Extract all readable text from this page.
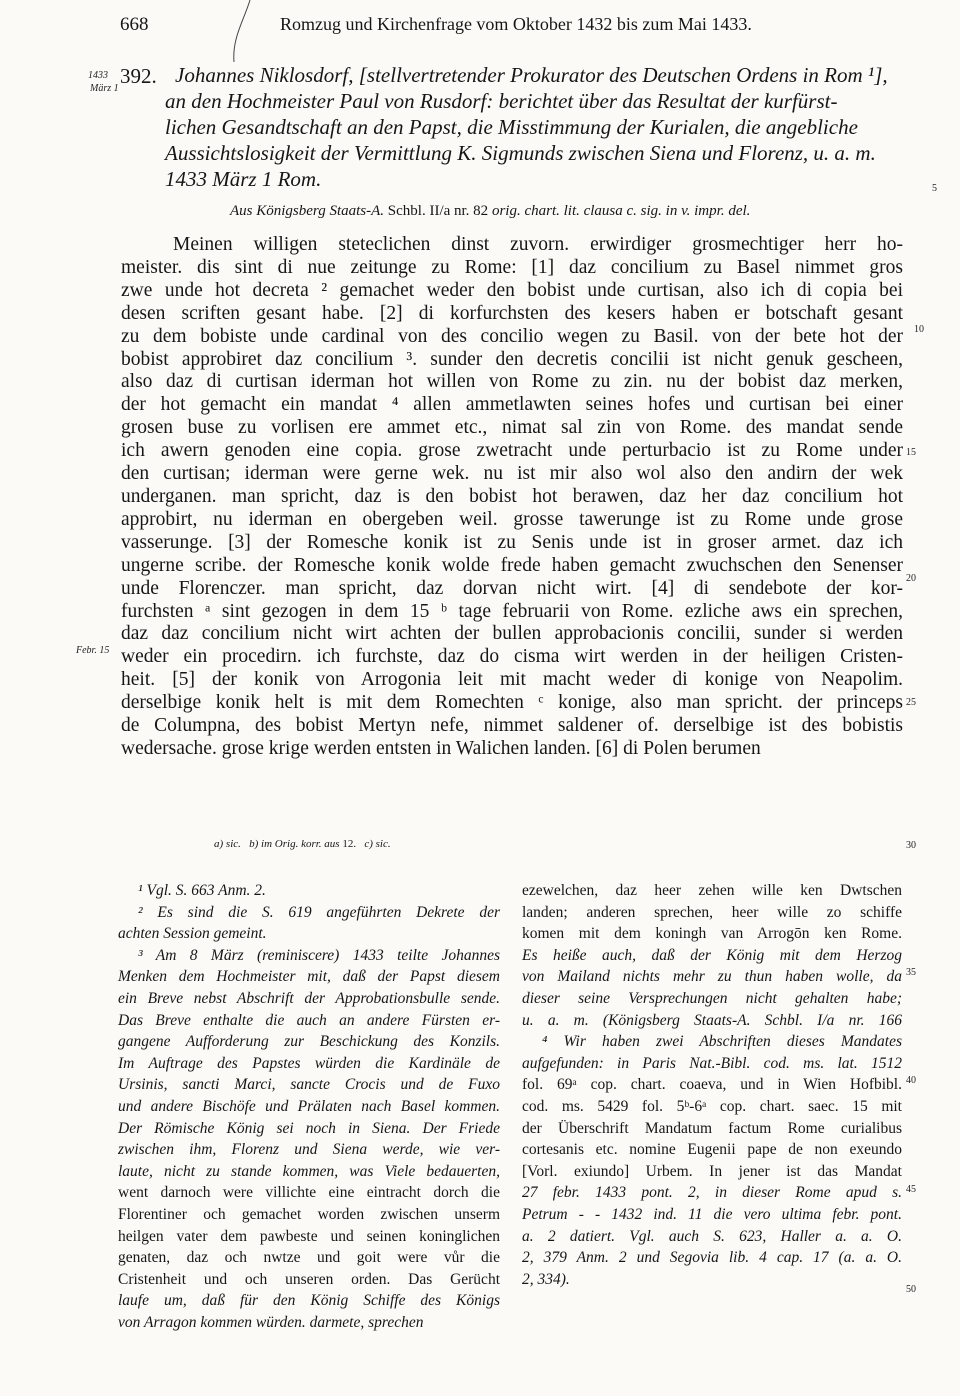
668	Romzug und Kirchenfrage vom Oktober 1432 bis zum Mai 1433.
1433
März 1
392. Johannes Niklosdorf, [stellvertretender Prokurator des Deutschen Ordens in Rom ¹],
an den Hochmeister Paul von Rusdorf: berichtet über das Resultat der kurfürst-
lichen Gesandtschaft an den Papst, die Misstimmung der Kurialen, die angebliche
Aussichtslosigkeit der Vermittlung K. Sigmunds zwischen Siena und Florenz, u. a. m.
1433 März 1 Rom.
Aus Königsberg Staats-A. Schbl. II/a nr. 82 orig. chart. lit. clausa c. sig. in v. impr. del.
Meinen willigen steteclichen dinst zuvorn. erwirdiger grosmechtiger herr ho-
meister. dis sint di nue zeitunge zu Rome: [1] daz concilium zu Basel nimmet gros
zwe unde hot decreta ² gemachet weder den bobist unde curtisan, also ich di copia bei
desen scriften gesant habe. [2] di korfurchsten des kesers haben er botschaft gesant
zu dem bobiste unde cardinal von des concilio wegen zu Basil. von der bete hot der
bobist approbiret daz concilium ³. sunder den decretis concilii ist nicht genuk gescheen,
also daz di curtisan iderman hot willen von Rome zu zin. nu der bobist daz merken,
der hot gemacht ein mandat ⁴ allen ammetlawten seines hofes und curtisan bei einer
grosen buse zu vorlisen ere ammet etc., nimat sal zin von Rome. des mandat sende
ich awern genoden eine copia. grose zwetracht unde perturbacio ist zu Rome under
den curtisan; iderman were gerne wek. nu ist mir also wol also den andirn der wek
underganen. man spricht, daz is den bobist hot berawen, daz her daz concilium hot
approbirt, nu iderman en obergeben weil. grosse tawerunge ist zu Rome unde grose
vasserunge. [3] der Romesche konik ist zu Senis unde ist in groser armet. daz ich
ungerne scribe. der Romesche konik wolde frede haben gemacht zwuchschen den Senenser
unde Florenczer. man spricht, daz dorvan nicht wirt. [4] di sendebote der kor-
furchsten ᵃ sint gezogen in dem 15 ᵇ tage februarii von Rome. ezliche aws ein sprechen,
daz daz concilium nicht wirt achten der bullen approbacionis concilii, sunder si werden
weder ein procedirn. ich furchste, daz do cisma wirt werden in der heiligen Cristen-
heit. [5] der konik von Arrogonia leit mit macht weder di konige von Neapolim.
derselbige konik helt is mit dem Romechten ᶜ konige, also man spricht. der princeps
de Columpna, des bobist Mertyn nefe, nimmet saldener of. derselbige ist des bobistis
wedersache. grose krige werden entsten in Walichen landen. [6] di Polen berumen
Febr. 15
5
10
15
20
25
30
35
40
45
50
a) sic. b) im Orig. korr. aus 12. c) sic.
¹ Vgl. S. 663 Anm. 2.
² Es sind die S. 619 angeführten Dekrete der
achten Session gemeint.
³ Am 8 März (reminiscere) 1433 teilte Johannes
Menken dem Hochmeister mit, daß der Papst diesem
ein Breve nebst Abschrift der Approbationsbulle sende.
Das Breve enthalte die auch an andere Fürsten er-
gangene Aufforderung zur Beschickung des Konzils.
Im Auftrage des Papstes würden die Kardinäle de
Ursinis, sancti Marci, sancte Crocis und de Fuxo
und andere Bischöfe und Prälaten nach Basel kommen.
Der Römische König sei noch in Siena. Der Friede
zwischen ihm, Florenz und Siena werde, wie ver-
laute, nicht zu stande kommen, was Viele bedauerten,
went darnoch were villichte eine eintracht dorch die
Florentiner och gemachet worden zwischen unserm
heilgen vater dem pawbeste und seinen koninglichen
genaten, daz och nwtze und goit were vůr die
Cristenheit und och unseren orden. Das Gerücht
laufe um, daß für den König Schiffe des Königs
von Arragon kommen würden. darmete, sprechen
ezewelchen, daz heer zehen wille ken Dwtschen
landen; anderen sprechen, heer wille zo schiffe
komen mit dem koningh van Arrogōn ken Rome.
Es heiße auch, daß der König mit dem Herzog
von Mailand nichts mehr zu thun haben wolle, da
dieser seine Versprechungen nicht gehalten habe;
u. a. m. (Königsberg Staats-A. Schbl. I/a nr. 166
⁴ Wir haben zwei Abschriften dieses Mandates
aufgefunden: in Paris Nat.-Bibl. cod. ms. lat. 1512
fol. 69ᵃ cop. chart. coaeva, und in Wien Hofbibl.
cod. ms. 5429 fol. 5ᵇ-6ᵃ cop. chart. saec. 15 mit
der Überschrift Mandatum factum Rome curialibus
cortesanis etc. nomine Eugenii pape de non exeundo
[Vorl. exiundo] Urbem. In jener ist das Mandat
27 febr. 1433 pont. 2, in dieser Rome apud s.
Petrum - - 1432 ind. 11 die vero ultima febr. pont.
a. 2 datiert. Vgl. auch S. 623, Haller a. a. O.
2, 379 Anm. 2 und Segovia lib. 4 cap. 17 (a. a. O.
2, 334).
